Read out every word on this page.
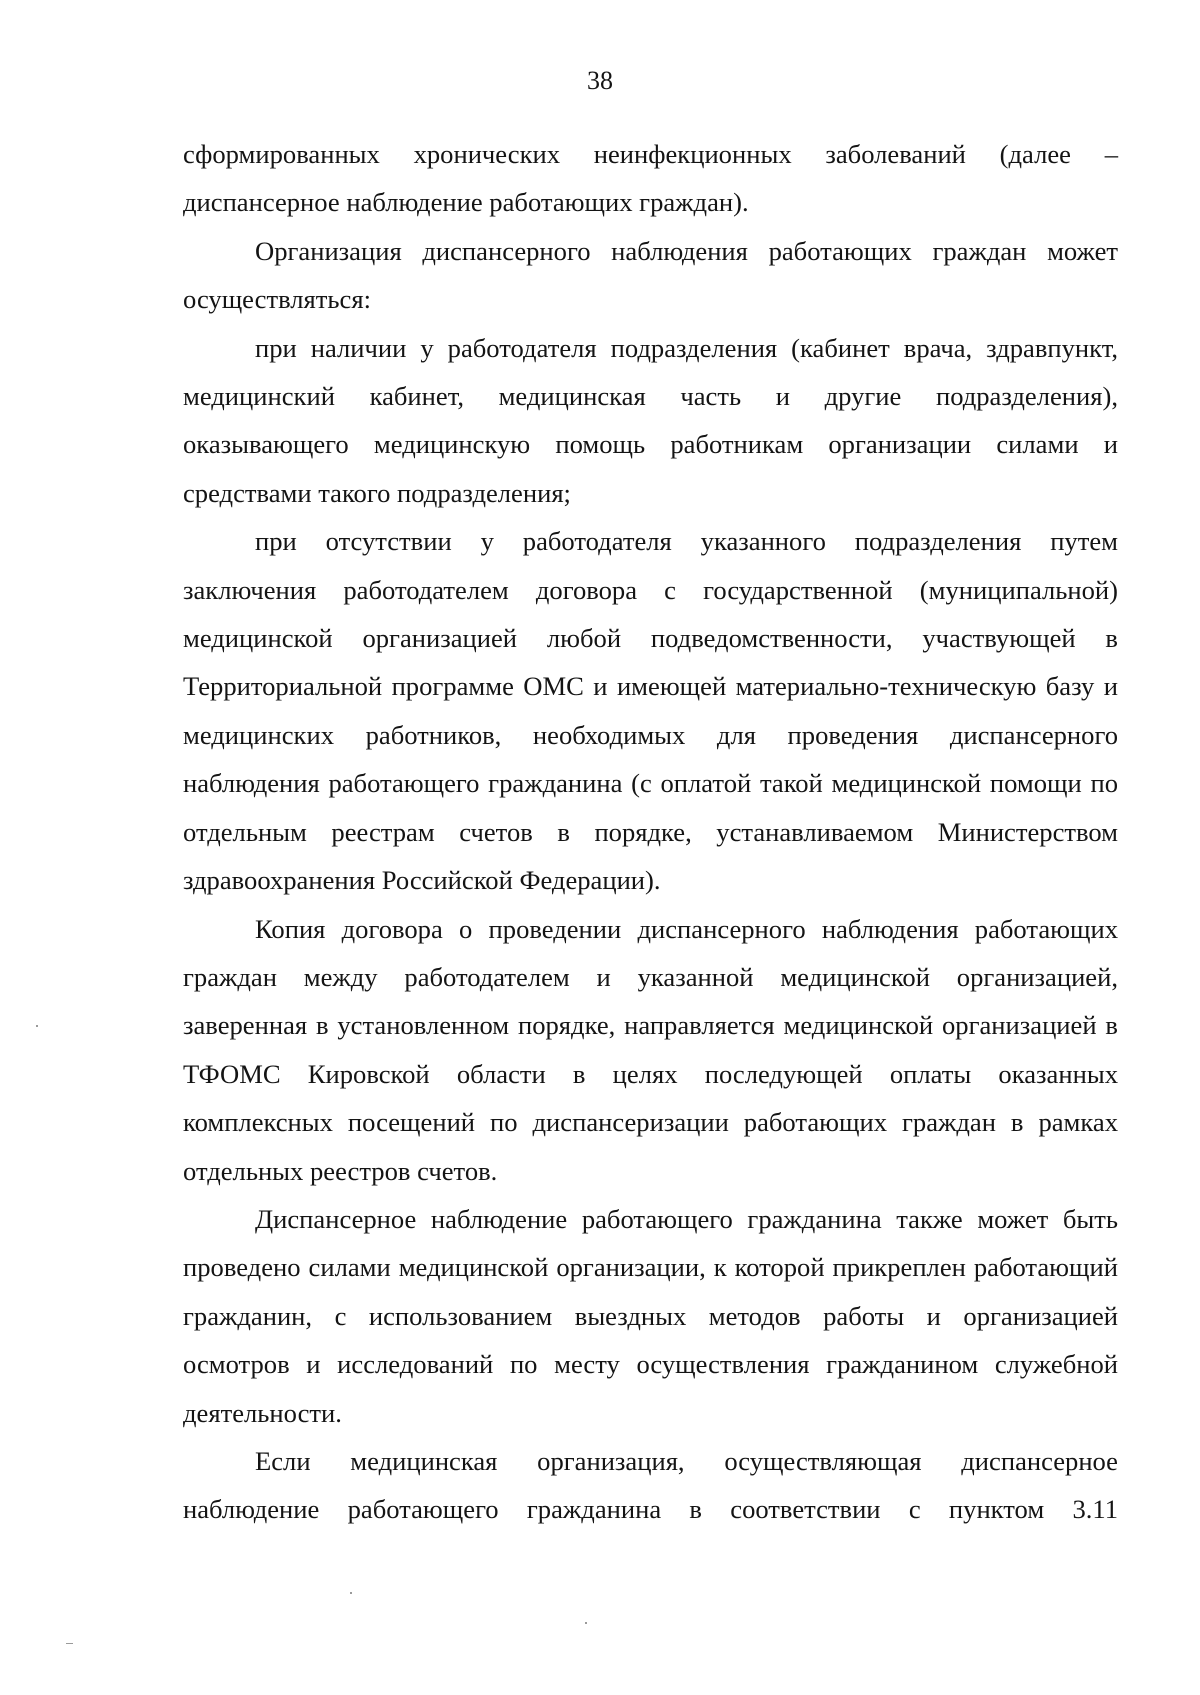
38

сформированных хронических неинфекционных заболеваний (далее – диспансерное наблюдение работающих граждан).

Организация диспансерного наблюдения работающих граждан может осуществляться:

при наличии у работодателя подразделения (кабинет врача, здравпункт, медицинский кабинет, медицинская часть и другие подразделения), оказывающего медицинскую помощь работникам организации силами и средствами такого подразделения;

при отсутствии у работодателя указанного подразделения путем заключения работодателем договора с государственной (муниципальной) медицинской организацией любой подведомственности, участвующей в Территориальной программе ОМС и имеющей материально-техническую базу и медицинских работников, необходимых для проведения диспансерного наблюдения работающего гражданина (с оплатой такой медицинской помощи по отдельным реестрам счетов в порядке, устанавливаемом Министерством здравоохранения Российской Федерации).

Копия договора о проведении диспансерного наблюдения работающих граждан между работодателем и указанной медицинской организацией, заверенная в установленном порядке, направляется медицинской организацией в ТФОМС Кировской области в целях последующей оплаты оказанных комплексных посещений по диспансеризации работающих граждан в рамках отдельных реестров счетов.

Диспансерное наблюдение работающего гражданина также может быть проведено силами медицинской организации, к которой прикреплен работающий гражданин, с использованием выездных методов работы и организацией осмотров и исследований по месту осуществления гражданином служебной деятельности.

Если медицинская организация, осуществляющая диспансерное наблюдение работающего гражданина в соответствии с пунктом 3.11
